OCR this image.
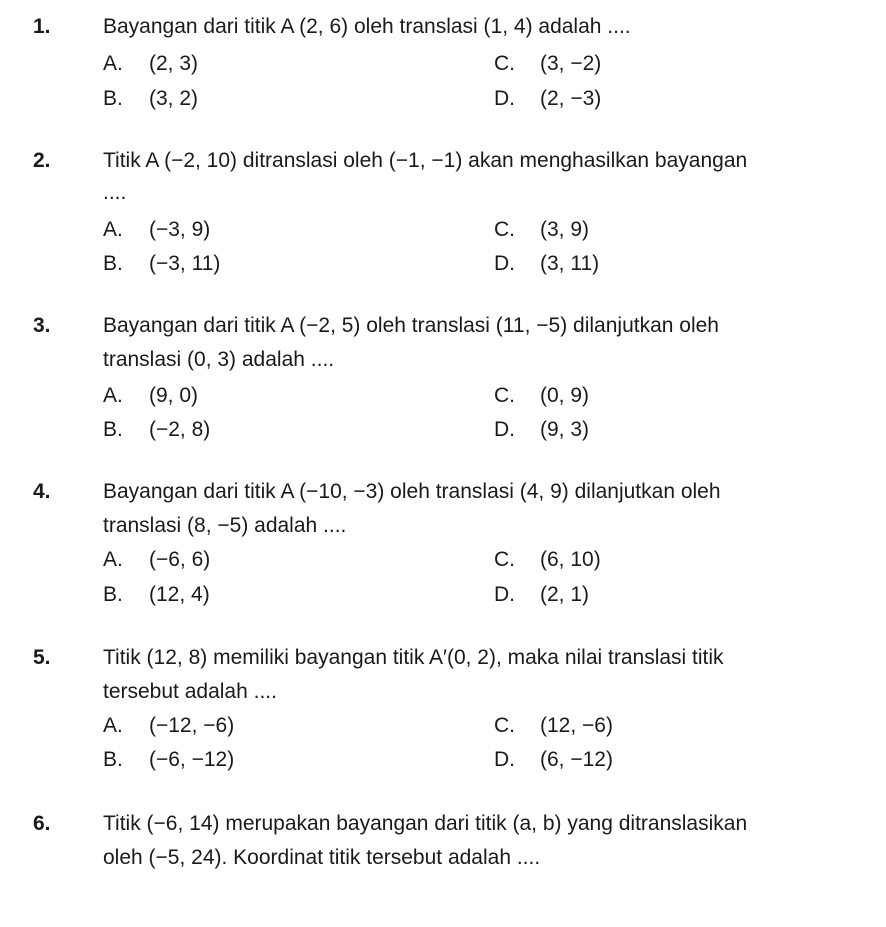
1. Bayangan dari titik A (2, 6) oleh translasi (1, 4) adalah ....
A. (2, 3)	C. (3, −2)
B. (3, 2)	D. (2, −3)
2. Titik A (−2, 10) ditranslasi oleh (−1, −1) akan menghasilkan bayangan
....
A. (−3, 9)	C. (3, 9)
B. (−3, 11)	D. (3, 11)
3. Bayangan dari titik A (−2, 5) oleh translasi (11, −5) dilanjutkan oleh
translasi (0, 3) adalah ....
A. (9, 0)	C. (0, 9)
B. (−2, 8)	D. (9, 3)
4. Bayangan dari titik A (−10, −3) oleh translasi (4, 9) dilanjutkan oleh
translasi (8, −5) adalah ....
A. (−6, 6)	C. (6, 10)
B. (12, 4)	D. (2, 1)
5. Titik (12, 8) memiliki bayangan titik A′(0, 2), maka nilai translasi titik
tersebut adalah ....
A. (−12, −6)	C. (12, −6)
B. (−6, −12)	D. (6, −12)
6. Titik (−6, 14) merupakan bayangan dari titik (a, b) yang ditranslasikan
oleh (−5, 24). Koordinat titik tersebut adalah ....
